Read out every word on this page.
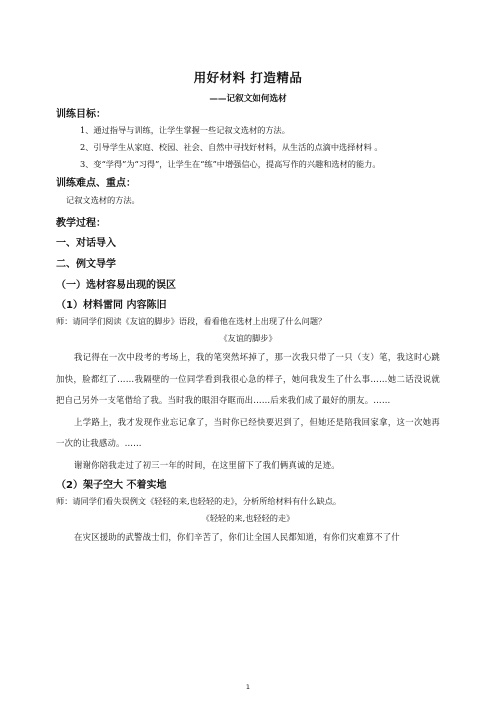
用好材料 打造精品
——记叙文如何选材
训练目标：
1、通过指导与训练，让学生掌握一些记叙文选材的方法。
2、引导学生从家庭、校园、社会、自然中寻找好材料，从生活的点滴中选择材料 。
3、变“学得”为“习得”，让学生在“练”中增强信心，提高写作的兴趣和选材的能力。
训练难点、重点：
记叙文选材的方法。
教学过程：
一、对话导入
二、例文导学
（一）选材容易出现的误区
（1）材料雷同 内容陈旧
师：请同学们阅读《友谊的脚步》语段，看看他在选材上出现了什么问题？
《友谊的脚步》
我记得在一次中段考的考场上，我的笔突然坏掉了，那一次我只带了一只（支）笔，我这时心跳加快，脸都红了……我隔壁的一位同学看到我很心急的样子，她问我发生了什么事……她二话没说就把自己另外一支笔借给了我。当时我的眼泪夺眶而出……后来我们成了最好的朋友。……
上学路上，我才发现作业忘记拿了，当时你已经快要迟到了，但她还是陪我回家拿，这一次她再一次的让我感动。……
谢谢你陪我走过了初三一年的时间，在这里留下了我们俩真诚的足迹。
（2）架子空大 不着实地
师：请同学们看失误例文《轻轻的来,也轻轻的走》，分析所给材料有什么缺点。
《轻轻的来,也轻轻的走》
在灾区援助的武警战士们，你们辛苦了，你们让全国人民都知道，有你们灾难算不了什
1
